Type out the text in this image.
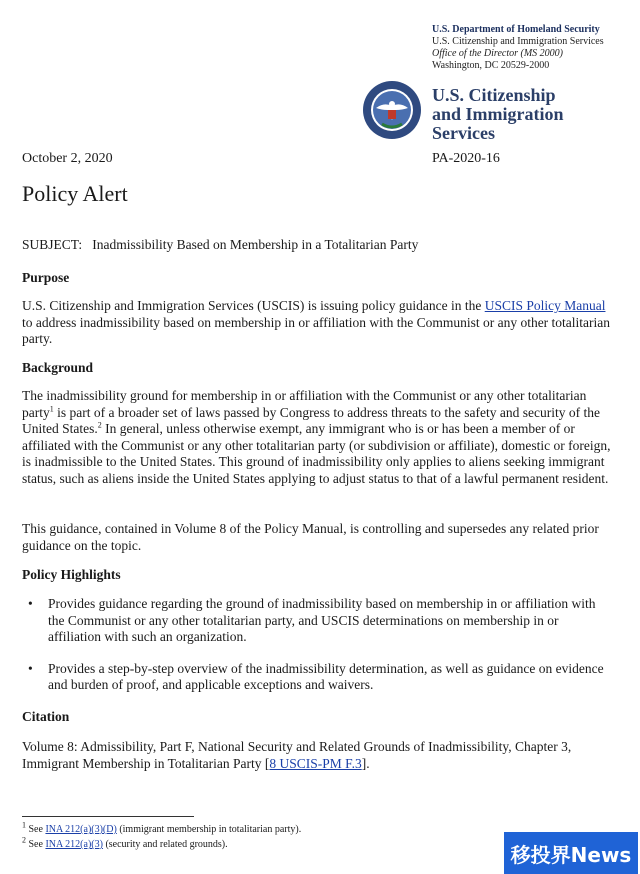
U.S. Department of Homeland Security
U.S. Citizenship and Immigration Services
Office of the Director (MS 2000)
Washington, DC 20529-2000
U.S. Citizenship
and Immigration
Services
October 2, 2020	PA-2020-16
Policy Alert
SUBJECT: Inadmissibility Based on Membership in a Totalitarian Party
Purpose

U.S. Citizenship and Immigration Services (USCIS) is issuing policy guidance in the USCIS Policy Manual to address inadmissibility based on membership in or affiliation with the Communist or any other totalitarian party.

Background

The inadmissibility ground for membership in or affiliation with the Communist or any other totalitarian party$^1$ is part of a broader set of laws passed by Congress to address threats to the safety and security of the United States.$^2$ In general, unless otherwise exempt, any immigrant who is or has been a member of or affiliated with the Communist or any other totalitarian party (or subdivision or affiliate), domestic or foreign, is inadmissible to the United States. This ground of inadmissibility only applies to aliens seeking immigrant status, such as aliens inside the United States applying to adjust status to that of a lawful permanent resident.

This guidance, contained in Volume 8 of the Policy Manual, is controlling and supersedes any related prior guidance on the topic.

Policy Highlights
• Provides guidance regarding the ground of inadmissibility based on membership in or affiliation with the Communist or any other totalitarian party, and USCIS determinations on membership in or affiliation with such an organization.
• Provides a step-by-step overview of the inadmissibility determination, as well as guidance on evidence and burden of proof, and applicable exceptions and waivers.
Citation

Volume 8: Admissibility, Part F, National Security and Related Grounds of Inadmissibility, Chapter 3, Immigrant Membership in Totalitarian Party [8 USCIS-PM F.3].

$^1$ See INA 212(a)(3)(D) (immigrant membership in totalitarian party).
$^2$ See INA 212(a)(3) (security and related grounds).	移投界News
